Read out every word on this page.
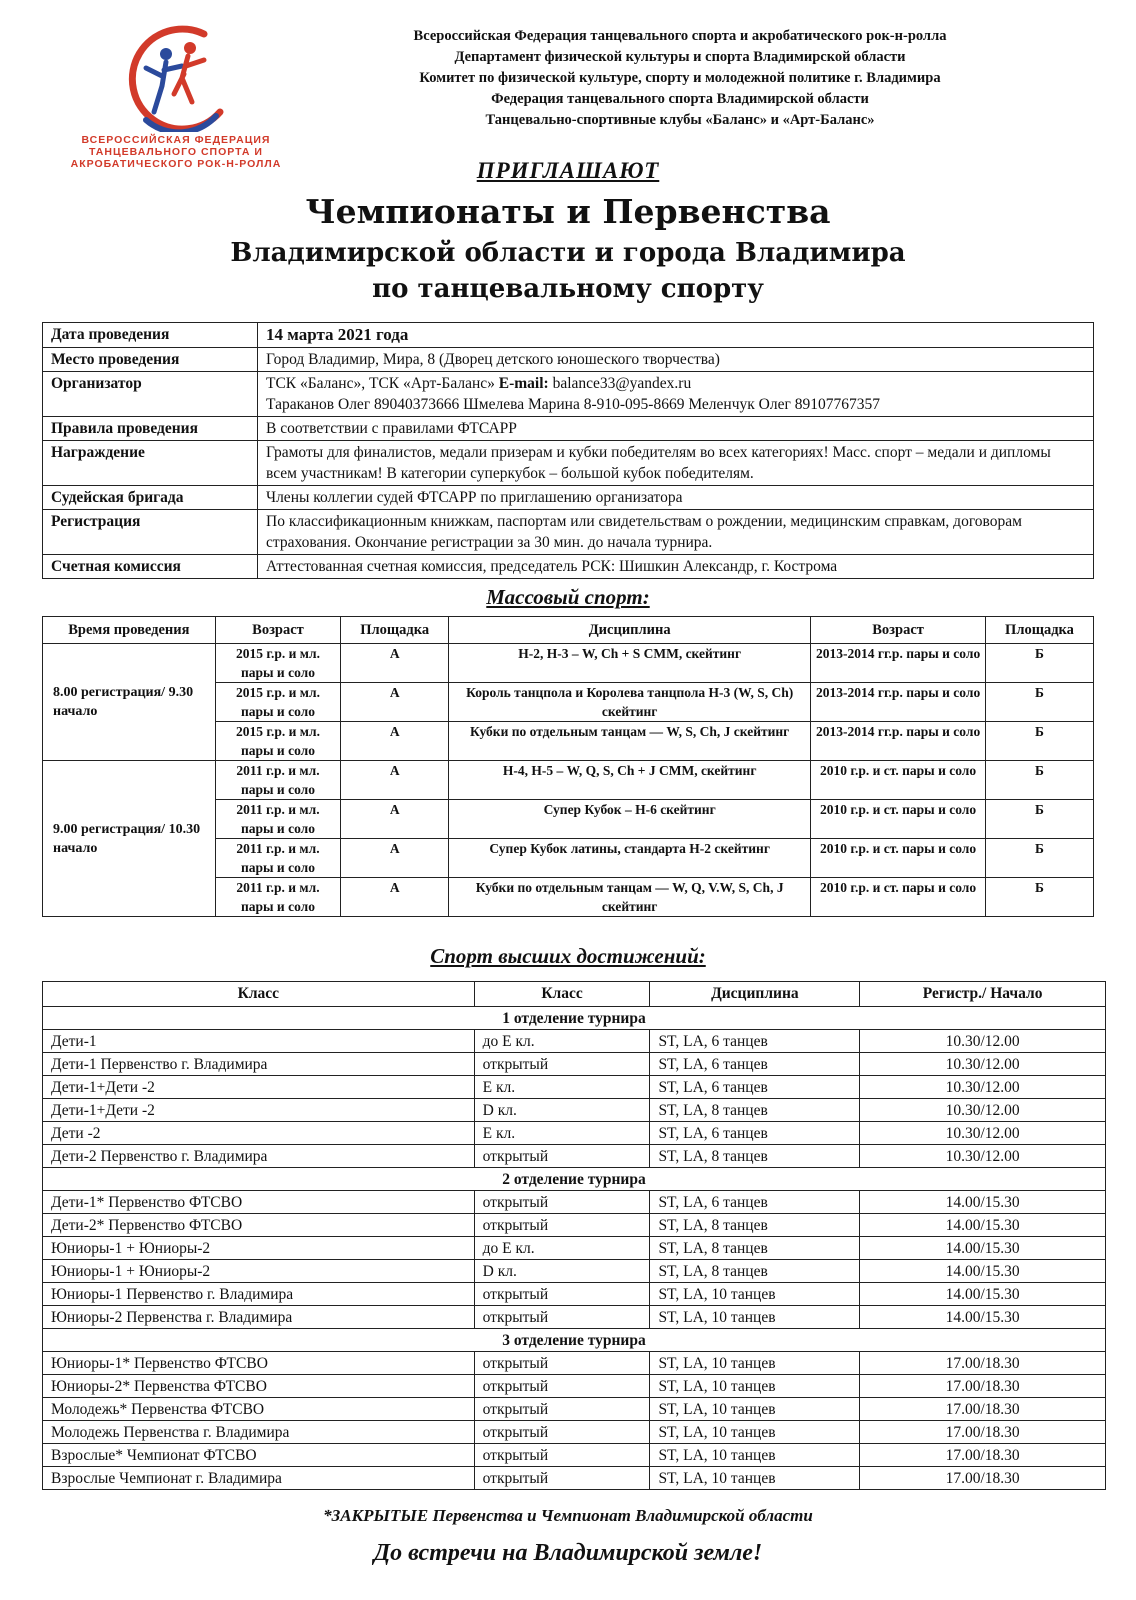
ВСЕРОССИЙСКАЯ ФЕДЕРАЦИЯ
ТАНЦЕВАЛЬНОГО СПОРТА И
АКРОБАТИЧЕСКОГО РОК-Н-РОЛЛА
Всероссийская Федерация танцевального спорта и акробатического рок-н-ролла
Департамент физической культуры и спорта Владимирской области
Комитет по физической культуре, спорту и молодежной политике г. Владимира
Федерация танцевального спорта Владимирской области
Танцевально-спортивные клубы «Баланс» и «Арт-Баланс»
ПРИГЛАШАЮТ
Чемпионаты и Первенства
Владимирской области и города Владимира
по танцевальному спорту
Дата проведения	14 марта 2021 года
Место проведения	Город Владимир, Мира, 8 (Дворец детского юношеского творчества)
Организатор	ТСК «Баланс», ТСК «Арт-Баланс» E-mail: balance33@yandex.ru
Тараканов Олег 89040373666 Шмелева Марина 8-910-095-8669 Меленчук Олег 89107767357

Правила проведения	В соответствии с правилами ФТСАРР
Награждение	Грамоты для финалистов, медали призерам и кубки победителям во всех категориях! Масс. спорт – медали и дипломы всем участникам! В категории суперкубок – большой кубок победителям.
Судейская бригада	Члены коллегии судей ФТСАРР по приглашению организатора
Регистрация	По классификационным книжкам, паспортам или свидетельствам о рождении, медицинским справкам, договорам страхования. Окончание регистрации за 30 мин. до начала турнира.
Счетная комиссия	Аттестованная счетная комиссия, председатель РСК: Шишкин Александр, г. Кострома
Массовый спорт:
Время проведения	Возраст	Площадка	Дисциплина	Возраст	Площадка
8.00 регистрация/ 9.30 начало	2015 г.р. и мл. пары и соло	А	Н-2, Н-3 – W, Ch + S СММ, скейтинг	2013-2014 гг.р. пары и соло	Б
	2015 г.р. и мл. пары и соло	А	Король танцпола и Королева танцпола Н-3 (W, S, Ch) скейтинг	2013-2014 гг.р. пары и соло	Б
	2015 г.р. и мл. пары и соло	А	Кубки по отдельным танцам — W, S, Ch, J скейтинг	2013-2014 гг.р. пары и соло	Б
9.00 регистрация/ 10.30 начало	2011 г.р. и мл. пары и соло	А	Н-4, Н-5 – W, Q, S, Ch + J СММ, скейтинг	2010 г.р. и ст. пары и соло	Б
	2011 г.р. и мл. пары и соло	А	Супер Кубок – Н-6 скейтинг	2010 г.р. и ст. пары и соло	Б
	2011 г.р. и мл. пары и соло	А	Супер Кубок латины, стандарта Н-2 скейтинг	2010 г.р. и ст. пары и соло	Б
	2011 г.р. и мл. пары и соло	А	Кубки по отдельным танцам — W, Q, V.W, S, Ch, J скейтинг	2010 г.р. и ст. пары и соло	Б
Спорт высших достижений:
Класс	Класс	Дисциплина	Регистр./ Начало
1 отделение турнира			
Дети-1	до Е кл.	ST, LA, 6 танцев	10.30/12.00
Дети-1 Первенство г. Владимира	открытый	ST, LA, 6 танцев	10.30/12.00
Дети-1+Дети -2	Е кл.	ST, LA, 6 танцев	10.30/12.00
Дети-1+Дети -2	D кл.	ST, LA, 8 танцев	10.30/12.00
Дети -2	Е кл.	ST, LA, 6 танцев	10.30/12.00
Дети-2 Первенство г. Владимира	открытый	ST, LA, 8 танцев	10.30/12.00
2 отделение турнира			
Дети-1* Первенство ФТСВО	открытый	ST, LA, 6 танцев	14.00/15.30
Дети-2* Первенство ФТСВО	открытый	ST, LA, 8 танцев	14.00/15.30
Юниоры-1 + Юниоры-2	до Е кл.	ST, LA, 8 танцев	14.00/15.30
Юниоры-1 + Юниоры-2	D кл.	ST, LA, 8 танцев	14.00/15.30
Юниоры-1 Первенство г. Владимира	открытый	ST, LA, 10 танцев	14.00/15.30
Юниоры-2 Первенства г. Владимира	открытый	ST, LA, 10 танцев	14.00/15.30
3 отделение турнира			
Юниоры-1* Первенство ФТСВО	открытый	ST, LA, 10 танцев	17.00/18.30
Юниоры-2* Первенства ФТСВО	открытый	ST, LA, 10 танцев	17.00/18.30
Молодежь* Первенства ФТСВО	открытый	ST, LA, 10 танцев	17.00/18.30
Молодежь Первенства г. Владимира	открытый	ST, LA, 10 танцев	17.00/18.30
Взрослые* Чемпионат ФТСВО	открытый	ST, LA, 10 танцев	17.00/18.30
Взрослые Чемпионат г. Владимира	открытый	ST, LA, 10 танцев	17.00/18.30
*ЗАКРЫТЫЕ Первенства и Чемпионат Владимирской области
До встречи на Владимирской земле!
